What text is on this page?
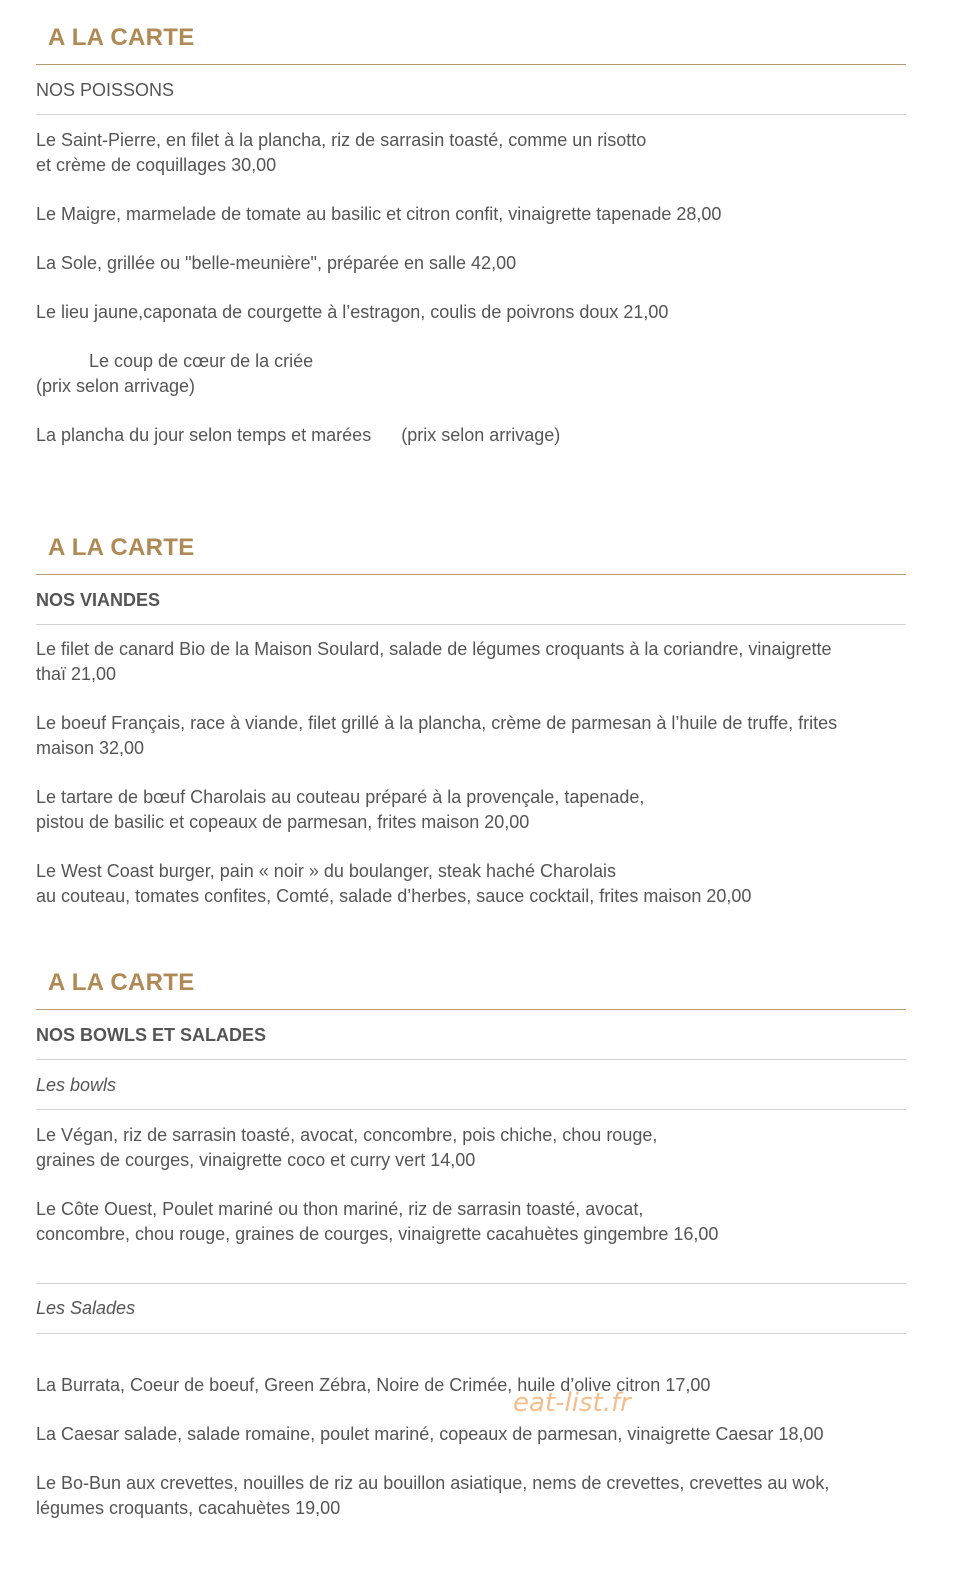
A LA CARTE
NOS POISSONS
Le Saint-Pierre, en filet à la plancha, riz de sarrasin toasté, comme un risotto
et crème de coquillages 30,00
Le Maigre, marmelade de tomate au basilic et citron confit, vinaigrette tapenade 28,00
La Sole, grillée ou "belle-meunière", préparée en salle 42,00
Le lieu jaune,caponata de courgette à l’estragon, coulis de poivrons doux 21,00
Le coup de cœur de la criée
(prix selon arrivage)
La plancha du jour selon temps et marées      (prix selon arrivage)
A LA CARTE
NOS VIANDES
Le filet de canard Bio de la Maison Soulard, salade de légumes croquants à la coriandre, vinaigrette
thaï 21,00
Le boeuf Français, race à viande, filet grillé à la plancha, crème de parmesan à l’huile de truffe, frites
maison 32,00
Le tartare de bœuf Charolais au couteau préparé à la provençale, tapenade,
pistou de basilic et copeaux de parmesan, frites maison 20,00
Le West Coast burger, pain « noir » du boulanger, steak haché Charolais
au couteau, tomates confites, Comté, salade d’herbes, sauce cocktail, frites maison 20,00
A LA CARTE
NOS BOWLS ET SALADES
Les bowls
Le Végan, riz de sarrasin toasté, avocat, concombre, pois chiche, chou rouge,
graines de courges, vinaigrette coco et curry vert 14,00
Le Côte Ouest, Poulet mariné ou thon mariné, riz de sarrasin toasté, avocat,
concombre, chou rouge, graines de courges, vinaigrette cacahuètes gingembre 16,00
Les Salades
La Burrata, Coeur de boeuf, Green Zébra, Noire de Crimée, huile d’olive citron 17,00
La Caesar salade, salade romaine, poulet mariné, copeaux de parmesan, vinaigrette Caesar 18,00
Le Bo-Bun aux crevettes, nouilles de riz au bouillon asiatique, nems de crevettes, crevettes au wok,
légumes croquants, cacahuètes 19,00
eat-list.fr
